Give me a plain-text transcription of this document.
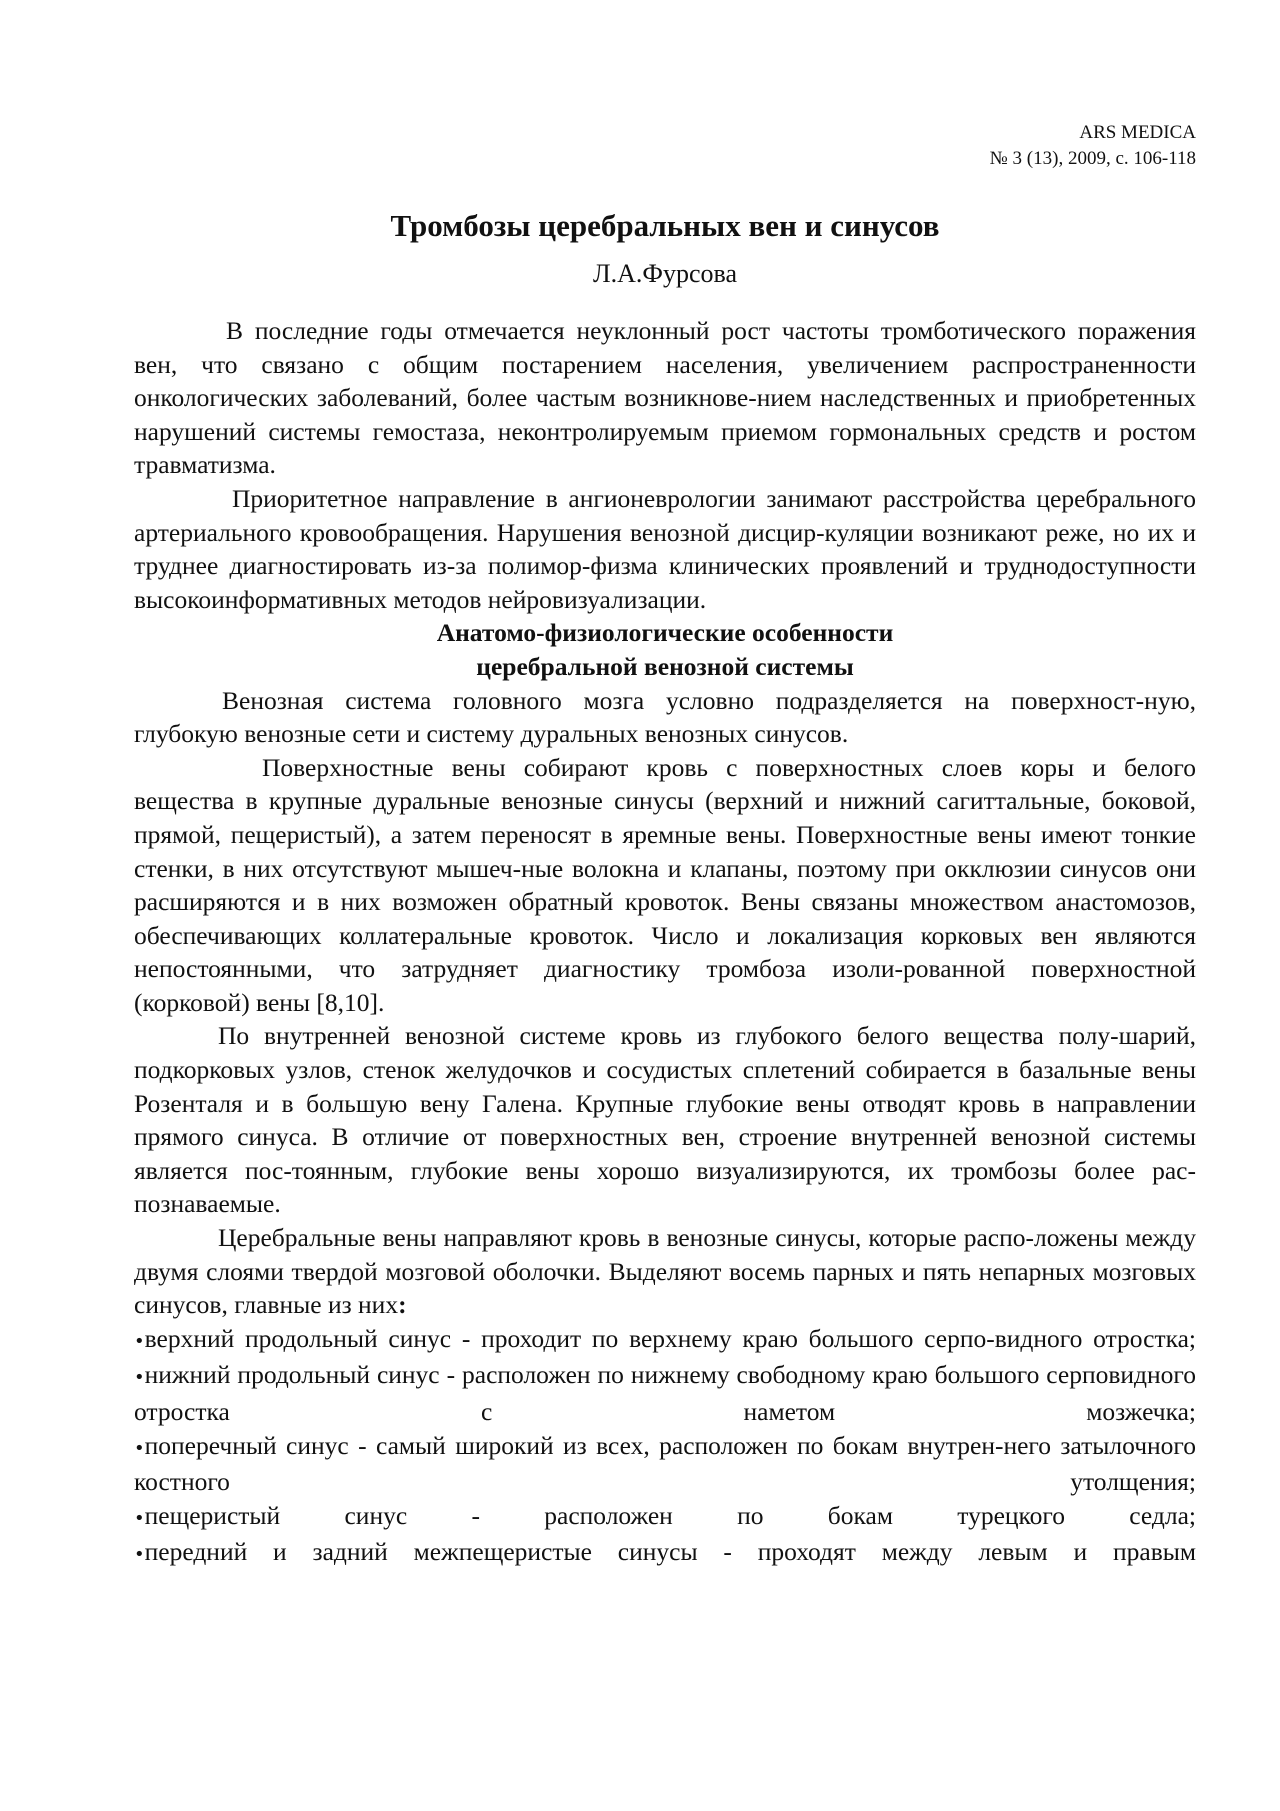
ARS MEDICA
№ 3 (13), 2009, с. 106-118
Тромбозы церебральных вен и синусов
Л.А.Фурсова

В последние годы отмечается неуклонный рост частоты тромботического поражения вен, что связано с общим постарением населения, увеличением распространенности онкологических заболеваний, более частым возникнове-нием наследственных и приобретенных нарушений системы гемостаза, неконтролируемым приемом гормональных средств и ростом травматизма.

Приоритетное направление в ангионеврологии занимают расстройства церебрального артериального кровообращения. Нарушения венозной дисцир-куляции возникают реже, но их и труднее диагностировать из-за полимор-физма клинических проявлений и труднодоступности высокоинформативных методов нейровизуализации.

Анатомо-физиологические особенности
церебральной венозной системы

Венозная система головного мозга условно подразделяется на поверхност-ную, глубокую венозные сети и систему дуральных венозных синусов.

Поверхностные вены собирают кровь с поверхностных слоев коры и белого вещества в крупные дуральные венозные синусы (верхний и нижний сагиттальные, боковой, прямой, пещеристый), а затем переносят в яремные вены. Поверхностные вены имеют тонкие стенки, в них отсутствуют мышеч-ные волокна и клапаны, поэтому при окклюзии синусов они расширяются и в них возможен обратный кровоток. Вены связаны множеством анастомозов, обеспечивающих коллатеральные кровоток. Число и локализация корковых вен являются непостоянными, что затрудняет диагностику тромбоза изоли-рованной поверхностной (корковой) вены [8,10].

По внутренней венозной системе кровь из глубокого белого вещества полу-шарий, подкорковых узлов, стенок желудочков и сосудистых сплетений собирается в базальные вены Розенталя и в большую вену Галена. Крупные глубокие вены отводят кровь в направлении прямого синуса. В отличие от поверхностных вен, строение внутренней венозной системы является пос-тоянным, глубокие вены хорошо визуализируются, их тромбозы более рас-познаваемые.

Церебральные вены направляют кровь в венозные синусы, которые распо-ложены между двумя слоями твердой мозговой оболочки. Выделяют восемь парных и пять непарных мозговых синусов, главные из них:

•верхний продольный синус - проходит по верхнему краю большого серпо-видного отростка;

•нижний продольный синус - расположен по нижнему свободному краю большого серповидного отростка с наметом мозжечка;

•поперечный синус - самый широкий из всех, расположен по бокам внутрен-него затылочного костного утолщения;

•пещеристый синус - расположен по бокам турецкого седла;

•передний и задний межпещеристые синусы - проходят между левым и правым
